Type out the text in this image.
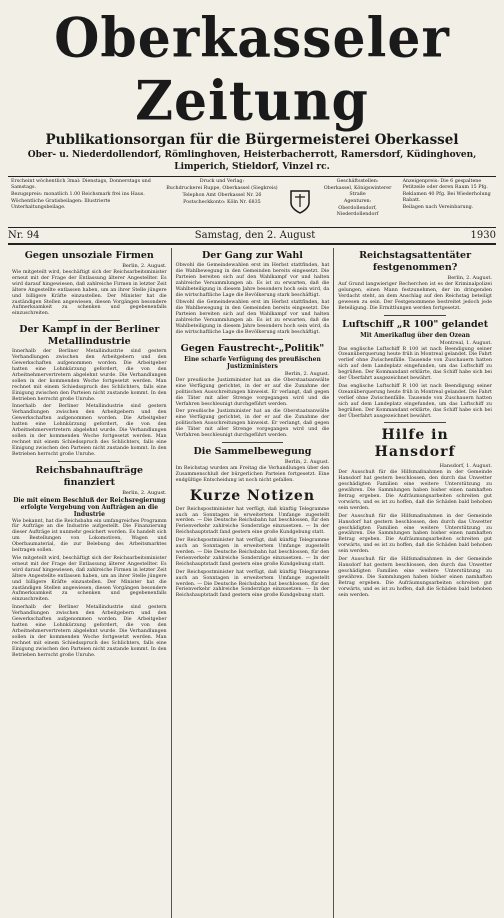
Oberkasseler Zeitung
Publikationsorgan für die Bürgermeisterei Oberkassel
Ober- u. Niederdollendorf, Römlinghoven, Heisterbacherrott, Ramersdorf, Küdinghoven, Limperich, Stieldorf, Vinzel rc.

Erscheint wöchentlich 3mal: Dienstags, Donnerstags und Samstags.

Bezugspreis: monatlich 1.00 Reichsmark frei ins Haus.

Wöchentliche Gratisbeilagen: Illustrierte Unterhaltungsbeilage.

Druck und Verlag:

Buchdruckerei Ruppe, Oberkassel (Siegkreis)

Telephon Amt Oberkassel Nr. 26

Postscheckkonto: Köln Nr. 6835

Geschäftsstellen:

Oberkassel, Königswinterer Straße

Agenturen:

Oberdollendorf, Niederdollendorf

Anzeigenpreis: Die 6 gespaltene Petitzeile oder deren Raum 15 Pfg.

Reklamen 40 Pfg. Bei Wiederholung Rabatt.

Beilagen nach Vereinbarung.

Nr. 94	Samstag, den 2. August	1930
Gegen unsoziale Firmen
Berlin, 2. August.

Wie mitgeteilt wird, beschäftigt sich der Reichsarbeitsminister erneut mit der Frage der Entlassung älterer Angestellter. Es wird darauf hingewiesen, daß zahlreiche Firmen in letzter Zeit ältere Angestellte entlassen haben, um an ihrer Stelle jüngere und billigere Kräfte einzustellen. Der Minister hat die zuständigen Stellen angewiesen, diesen Vorgängen besondere Aufmerksamkeit zu schenken und gegebenenfalls einzuschreiten.

Der Kampf in der Berliner Metallindustrie

Innerhalb der Berliner Metallindustrie sind gestern Verhandlungen zwischen den Arbeitgebern und den Gewerkschaften aufgenommen worden. Die Arbeitgeber hatten eine Lohnkürzung gefordert, die von den Arbeitnehmervertretern abgelehnt wurde. Die Verhandlungen sollen in der kommenden Woche fortgesetzt werden. Man rechnet mit einem Schiedsspruch des Schlichters, falls eine Einigung zwischen den Parteien nicht zustande kommt. In den Betrieben herrscht große Unruhe.

Innerhalb der Berliner Metallindustrie sind gestern Verhandlungen zwischen den Arbeitgebern und den Gewerkschaften aufgenommen worden. Die Arbeitgeber hatten eine Lohnkürzung gefordert, die von den Arbeitnehmervertretern abgelehnt wurde. Die Verhandlungen sollen in der kommenden Woche fortgesetzt werden. Man rechnet mit einem Schiedsspruch des Schlichters, falls eine Einigung zwischen den Parteien nicht zustande kommt. In den Betrieben herrscht große Unruhe.

Reichsbahnaufträge finanziert
Berlin, 2. August.
Die mit einem Beschluß der Reichsregierung erfolgte Vergebung von Aufträgen an die Industrie

Wie bekannt, hat die Reichsbahn ein umfangreiches Programm für Aufträge an die Industrie aufgestellt. Die Finanzierung dieser Aufträge ist nunmehr gesichert worden. Es handelt sich um Bestellungen von Lokomotiven, Wagen und Oberbaumaterial, die zur Belebung des Arbeitsmarktes beitragen sollen.

Wie mitgeteilt wird, beschäftigt sich der Reichsarbeitsminister erneut mit der Frage der Entlassung älterer Angestellter. Es wird darauf hingewiesen, daß zahlreiche Firmen in letzter Zeit ältere Angestellte entlassen haben, um an ihrer Stelle jüngere und billigere Kräfte einzustellen. Der Minister hat die zuständigen Stellen angewiesen, diesen Vorgängen besondere Aufmerksamkeit zu schenken und gegebenenfalls einzuschreiten.

Innerhalb der Berliner Metallindustrie sind gestern Verhandlungen zwischen den Arbeitgebern und den Gewerkschaften aufgenommen worden. Die Arbeitgeber hatten eine Lohnkürzung gefordert, die von den Arbeitnehmervertretern abgelehnt wurde. Die Verhandlungen sollen in der kommenden Woche fortgesetzt werden. Man rechnet mit einem Schiedsspruch des Schlichters, falls eine Einigung zwischen den Parteien nicht zustande kommt. In den Betrieben herrscht große Unruhe.

Der Gang zur Wahl

Obwohl die Gemeindewahlen erst im Herbst stattfinden, hat die Wahlbewegung in den Gemeinden bereits eingesetzt. Die Parteien bereiten sich auf den Wahlkampf vor und halten zahlreiche Versammlungen ab. Es ist zu erwarten, daß die Wahlbeteiligung in diesem Jahre besonders hoch sein wird, da die wirtschaftliche Lage die Bevölkerung stark beschäftigt.

Obwohl die Gemeindewahlen erst im Herbst stattfinden, hat die Wahlbewegung in den Gemeinden bereits eingesetzt. Die Parteien bereiten sich auf den Wahlkampf vor und halten zahlreiche Versammlungen ab. Es ist zu erwarten, daß die Wahlbeteiligung in diesem Jahre besonders hoch sein wird, da die wirtschaftliche Lage die Bevölkerung stark beschäftigt.

Gegen Faustrecht-„Politik"
Eine scharfe Verfügung des preußischen Justizministers
Berlin, 2. August.

Der preußische Justizminister hat an die Oberstaatsanwälte eine Verfügung gerichtet, in der er auf die Zunahme der politischen Ausschreitungen hinweist. Er verlangt, daß gegen die Täter mit aller Strenge vorgegangen wird und die Verfahren beschleunigt durchgeführt werden.

Der preußische Justizminister hat an die Oberstaatsanwälte eine Verfügung gerichtet, in der er auf die Zunahme der politischen Ausschreitungen hinweist. Er verlangt, daß gegen die Täter mit aller Strenge vorgegangen wird und die Verfahren beschleunigt durchgeführt werden.

Die Sammelbewegung
Berlin, 2. August.

Im Reichstag wurden am Freitag die Verhandlungen über den Zusammenschluß der bürgerlichen Parteien fortgesetzt. Eine endgültige Entscheidung ist noch nicht gefallen.

Kurze Notizen

Der Reichspostminister hat verfügt, daß künftig Telegramme auch an Sonntagen in erweitertem Umfange zugestellt werden. — Die Deutsche Reichsbahn hat beschlossen, für den Ferienverkehr zahlreiche Sonderzüge einzusetzen. — In der Reichshauptstadt fand gestern eine große Kundgebung statt.

Der Reichspostminister hat verfügt, daß künftig Telegramme auch an Sonntagen in erweitertem Umfange zugestellt werden. — Die Deutsche Reichsbahn hat beschlossen, für den Ferienverkehr zahlreiche Sonderzüge einzusetzen. — In der Reichshauptstadt fand gestern eine große Kundgebung statt.

Der Reichspostminister hat verfügt, daß künftig Telegramme auch an Sonntagen in erweitertem Umfange zugestellt werden. — Die Deutsche Reichsbahn hat beschlossen, für den Ferienverkehr zahlreiche Sonderzüge einzusetzen. — In der Reichshauptstadt fand gestern eine große Kundgebung statt.

Reichstagsattentäter festgenommen?
Berlin, 2. August.

Auf Grund langwieriger Recherchen ist es der Kriminalpolizei gelungen, einen Mann festzunehmen, der im dringenden Verdacht steht, an dem Anschlag auf den Reichstag beteiligt gewesen zu sein. Der Festgenommene bestreitet jedoch jede Beteiligung. Die Ermittlungen werden fortgesetzt.

Luftschiff „R 100" gelandet
Mit Amerikaflug über den Ozean
Montreal, 1. August.

Das englische Luftschiff R 100 ist nach Beendigung seiner Ozeanüberquerung heute früh in Montreal gelandet. Die Fahrt verlief ohne Zwischenfälle. Tausende von Zuschauern hatten sich auf dem Landeplatz eingefunden, um das Luftschiff zu begrüßen. Der Kommandant erklärte, das Schiff habe sich bei der Überfahrt ausgezeichnet bewährt.

Das englische Luftschiff R 100 ist nach Beendigung seiner Ozeanüberquerung heute früh in Montreal gelandet. Die Fahrt verlief ohne Zwischenfälle. Tausende von Zuschauern hatten sich auf dem Landeplatz eingefunden, um das Luftschiff zu begrüßen. Der Kommandant erklärte, das Schiff habe sich bei der Überfahrt ausgezeichnet bewährt.

Hilfe in Hansdorf
Hansdorf, 1. August.

Der Ausschuß für die Hilfsmaßnahmen in der Gemeinde Hansdorf hat gestern beschlossen, den durch das Unwetter geschädigten Familien eine weitere Unterstützung zu gewähren. Die Sammlungen haben bisher einen namhaften Betrag ergeben. Die Aufräumungsarbeiten schreiten gut vorwärts, und es ist zu hoffen, daß die Schäden bald behoben sein werden.

Der Ausschuß für die Hilfsmaßnahmen in der Gemeinde Hansdorf hat gestern beschlossen, den durch das Unwetter geschädigten Familien eine weitere Unterstützung zu gewähren. Die Sammlungen haben bisher einen namhaften Betrag ergeben. Die Aufräumungsarbeiten schreiten gut vorwärts, und es ist zu hoffen, daß die Schäden bald behoben sein werden.

Der Ausschuß für die Hilfsmaßnahmen in der Gemeinde Hansdorf hat gestern beschlossen, den durch das Unwetter geschädigten Familien eine weitere Unterstützung zu gewähren. Die Sammlungen haben bisher einen namhaften Betrag ergeben. Die Aufräumungsarbeiten schreiten gut vorwärts, und es ist zu hoffen, daß die Schäden bald behoben sein werden.
